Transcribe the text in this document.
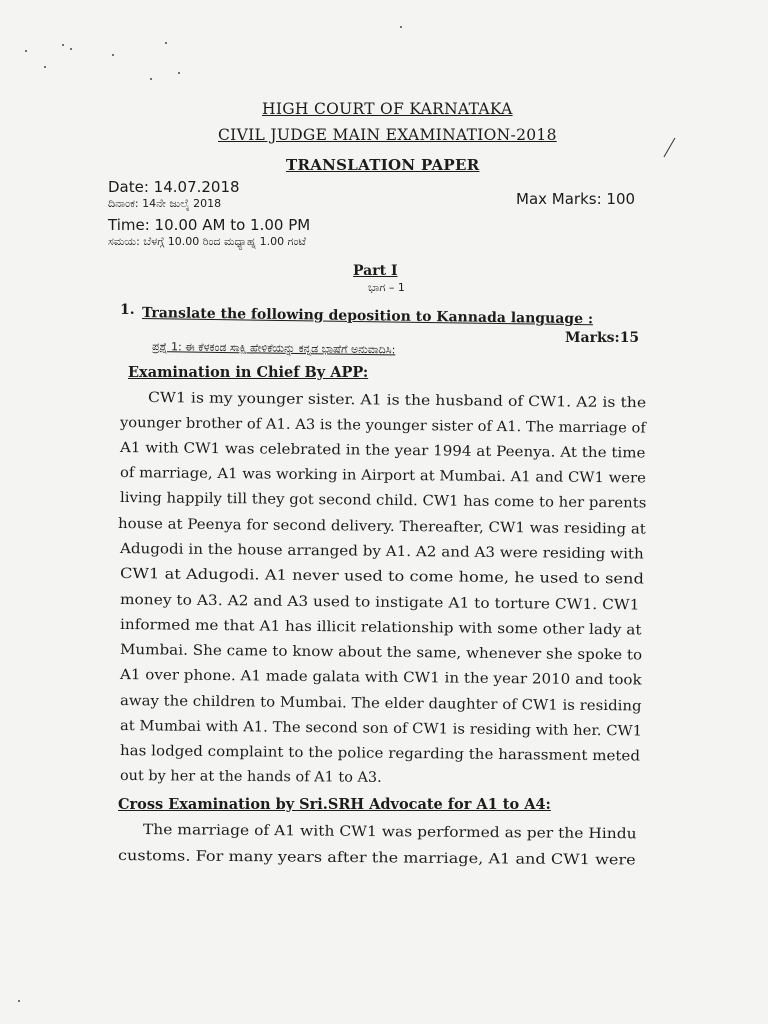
HIGH COURT OF KARNATAKA
CIVIL JUDGE MAIN EXAMINATION-2018
TRANSLATION PAPER
Date: 14.07.2018
ದಿನಾಂಕ: 14ನೇ ಜುಲೈ 2018	Max Marks: 100
Time: 10.00 AM to 1.00 PM
ಸಮಯ: ಬೆಳಗ್ಗೆ 10.00 ರಿಂದ ಮಧ್ಯಾಹ್ನ 1.00 ಗಂಟೆ
Part I
ಭಾಗ – 1
1. Translate the following deposition to Kannada language :
Marks:15
ಪ್ರಶ್ನೆ 1: ಈ ಕೆಳಕಂಡ ಸಾಕ್ಷಿ ಹೇಳಿಕೆಯನ್ನು ಕನ್ನಡ ಭಾಷೆಗೆ ಅನುವಾದಿಸಿ:
Examination in Chief By APP:
CW1 is my younger sister. A1 is the husband of CW1. A2 is the
younger brother of A1. A3 is the younger sister of A1. The marriage of
A1 with CW1 was celebrated in the year 1994 at Peenya. At the time
of marriage, A1 was working in Airport at Mumbai. A1 and CW1 were
living happily till they got second child. CW1 has come to her parents
house at Peenya for second delivery. Thereafter, CW1 was residing at
Adugodi in the house arranged by A1. A2 and A3 were residing with
CW1 at Adugodi. A1 never used to come home, he used to send
money to A3. A2 and A3 used to instigate A1 to torture CW1. CW1
informed me that A1 has illicit relationship with some other lady at
Mumbai. She came to know about the same, whenever she spoke to
A1 over phone. A1 made galata with CW1 in the year 2010 and took
away the children to Mumbai. The elder daughter of CW1 is residing
at Mumbai with A1. The second son of CW1 is residing with her. CW1
has lodged complaint to the police regarding the harassment meted
out by her at the hands of A1 to A3.
Cross Examination by Sri.SRH Advocate for A1 to A4:
The marriage of A1 with CW1 was performed as per the Hindu
customs. For many years after the marriage, A1 and CW1 were
